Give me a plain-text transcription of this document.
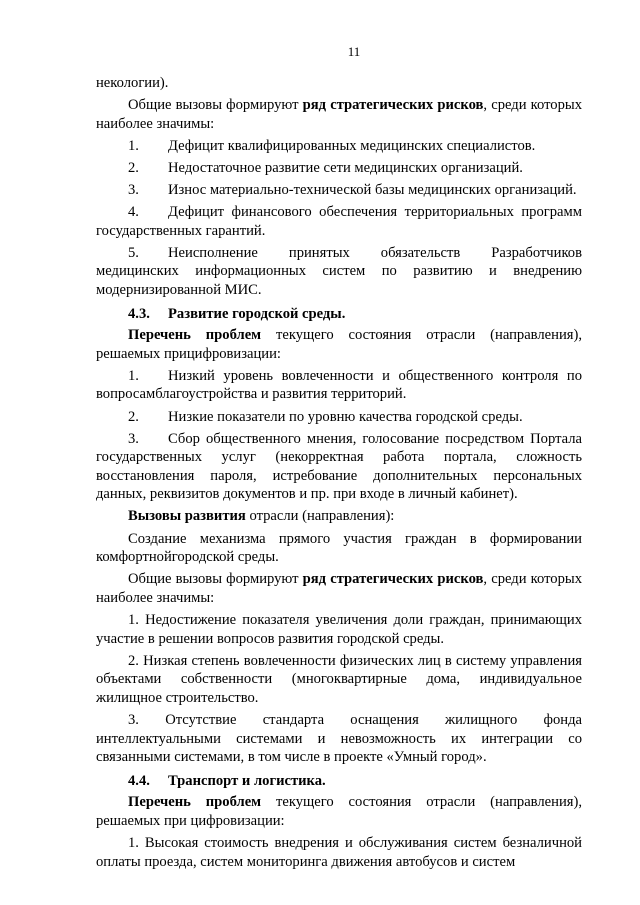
11

некологии).

Общие вызовы формируют ряд стратегических рисков, среди которых наиболее значимы:

1. Дефицит квалифицированных медицинских специалистов.

2. Недостаточное развитие сети медицинских организаций.

3. Износ материально-технической базы медицинских организаций.

4. Дефицит финансового обеспечения территориальных программ государственных гарантий.

5. Неисполнение принятых обязательств Разработчиков медицинских информационных систем по развитию и внедрению модернизированной МИС.

4.3. Развитие городской среды.

Перечень проблем текущего состояния отрасли (направления), решаемых прицифровизации:

1. Низкий уровень вовлеченности и общественного контроля по вопросамблагоустройства и развития территорий.

2. Низкие показатели по уровню качества городской среды.

3. Сбор общественного мнения, голосование посредством Портала государственных услуг (некорректная работа портала, сложность восстановления пароля, истребование дополнительных персональных данных, реквизитов документов и пр. при входе в личный кабинет).

Вызовы развития отрасли (направления):

Создание механизма прямого участия граждан в формировании комфортнойгородской среды.

Общие вызовы формируют ряд стратегических рисков, среди которых наиболее значимы:

1. Недостижение показателя увеличения доли граждан, принимающих участие в решении вопросов развития городской среды.

2. Низкая степень вовлеченности физических лиц в систему управления объектами собственности (многоквартирные дома, индивидуальное жилищное строительство.

3. Отсутствие стандарта оснащения жилищного фонда интеллектуальными системами и невозможность их интеграции со связанными системами, в том числе в проекте «Умный город».

4.4. Транспорт и логистика.

Перечень проблем текущего состояния отрасли (направления), решаемых при цифровизации:

1. Высокая стоимость внедрения и обслуживания систем безналичной оплаты проезда, систем мониторинга движения автобусов и систем
